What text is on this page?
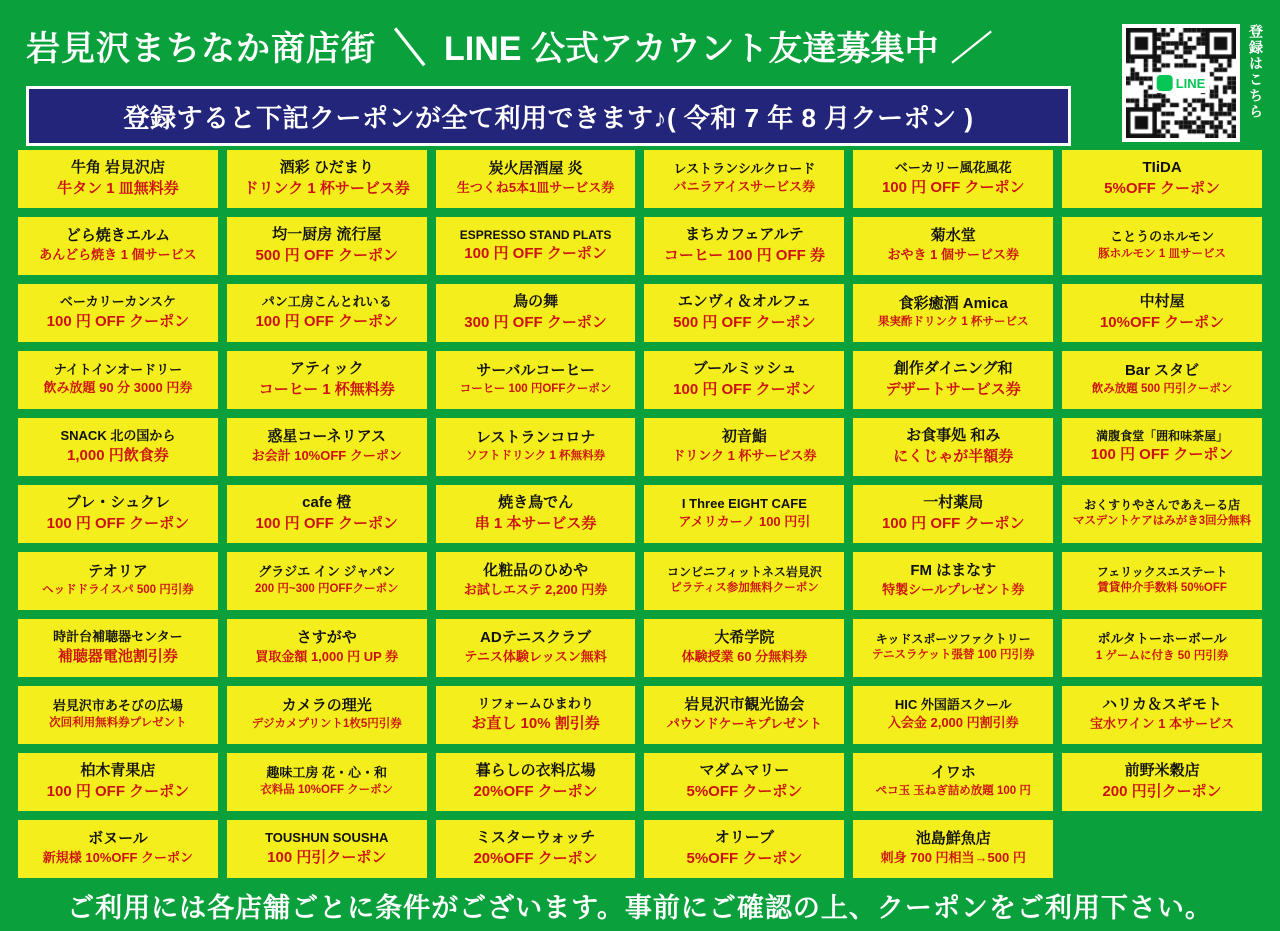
岩見沢まちなか商店街 ＼ LINE 公式アカウント友達募集中 ／
登録すると下記クーポンが全て利用できます♪( 令和 7 年 8 月クーポン )
LINE	登録はこちら
牛角 岩見沢店
牛タン 1 皿無料券
酒彩 ひだまり
ドリンク 1 杯サービス券
炭火居酒屋 炎
生つくね5本1皿サービス券
レストランシルクロード
バニラアイスサービス券
ベーカリー風花風花
100 円 OFF クーポン
TIiDA
5%OFF クーポン
どら焼きエルム
あんどら焼き 1 個サービス
均一厨房 流行屋
500 円 OFF クーポン
ESPRESSO STAND PLATS
100 円 OFF クーポン
まちカフェアルテ
コーヒー 100 円 OFF 券
菊水堂
おやき 1 個サービス券
ことうのホルモン
豚ホルモン 1 皿サービス
ベーカリーカンスケ
100 円 OFF クーポン
パン工房こんとれいる
100 円 OFF クーポン
鳥の舞
300 円 OFF クーポン
エンヴィ＆オルフェ
500 円 OFF クーポン
食彩癒酒 Amica
果実酢ドリンク 1 杯サービス
中村屋
10%OFF クーポン
ナイトインオードリー
飲み放題 90 分 3000 円券
アティック
コーヒー 1 杯無料券
サーバルコーヒー
コーヒー 100 円OFFクーポン
ブールミッシュ
100 円 OFF クーポン
創作ダイニング和
デザートサービス券
Bar スタビ
飲み放題 500 円引クーポン
SNACK 北の国から
1,000 円飲食券
惑星コーネリアス
お会計 10%OFF クーポン
レストランコロナ
ソフトドリンク 1 杯無料券
初音鮨
ドリンク 1 杯サービス券
お食事処 和み
にくじゃが半額券
満腹食堂「囲和味茶屋」
100 円 OFF クーポン
ブレ・シュクレ
100 円 OFF クーポン
cafe 橙
100 円 OFF クーポン
焼き鳥でん
串 1 本サービス券
I Three EIGHT CAFE
アメリカーノ 100 円引
一村薬局
100 円 OFF クーポン
おくすりやさんであえーる店
マスデントケアはみがき3回分無料
テオリア
ヘッドドライスパ 500 円引券
グラジエ イン ジャパン
200 円~300 円OFFクーポン
化粧品のひめや
お試しエステ 2,200 円券
コンビニフィットネス岩見沢
ピラティス参加無料クーポン
FM はまなす
特製シールプレゼント券
フェリックスエステート
賃貸仲介手数料 50%OFF
時計台補聴器センター
補聴器電池割引券
さすがや
買取金額 1,000 円 UP 券
ADテニスクラブ
テニス体験レッスン無料
大希学院
体験授業 60 分無料券
キッドスポーツファクトリー
テニスラケット張替 100 円引券
ポルタトーホーボール
1 ゲームに付き 50 円引券
岩見沢市あそびの広場
次回利用無料券プレゼント
カメラの理光
デジカメプリント1枚5円引券
リフォームひまわり
お直し 10% 割引券
岩見沢市観光協会
パウンドケーキプレゼント
HIC 外国語スクール
入会金 2,000 円割引券
ハリカ＆スギモト
宝水ワイン 1 本サービス
柏木青果店
100 円 OFF クーポン
趣味工房 花・心・和
衣料品 10%OFF クーポン
暮らしの衣料広場
20%OFF クーポン
マダムマリー
5%OFF クーポン
イワホ
ペコ玉 玉ねぎ詰め放題 100 円
前野米穀店
200 円引クーポン
ボヌール
新規様 10%OFF クーポン
TOUSHUN SOUSHA
100 円引クーポン
ミスターウォッチ
20%OFF クーポン
オリーブ
5%OFF クーポン
池島鮮魚店
刺身 700 円相当→500 円
ご利用には各店舗ごとに条件がございます。事前にご確認の上、クーポンをご利用下さい。
